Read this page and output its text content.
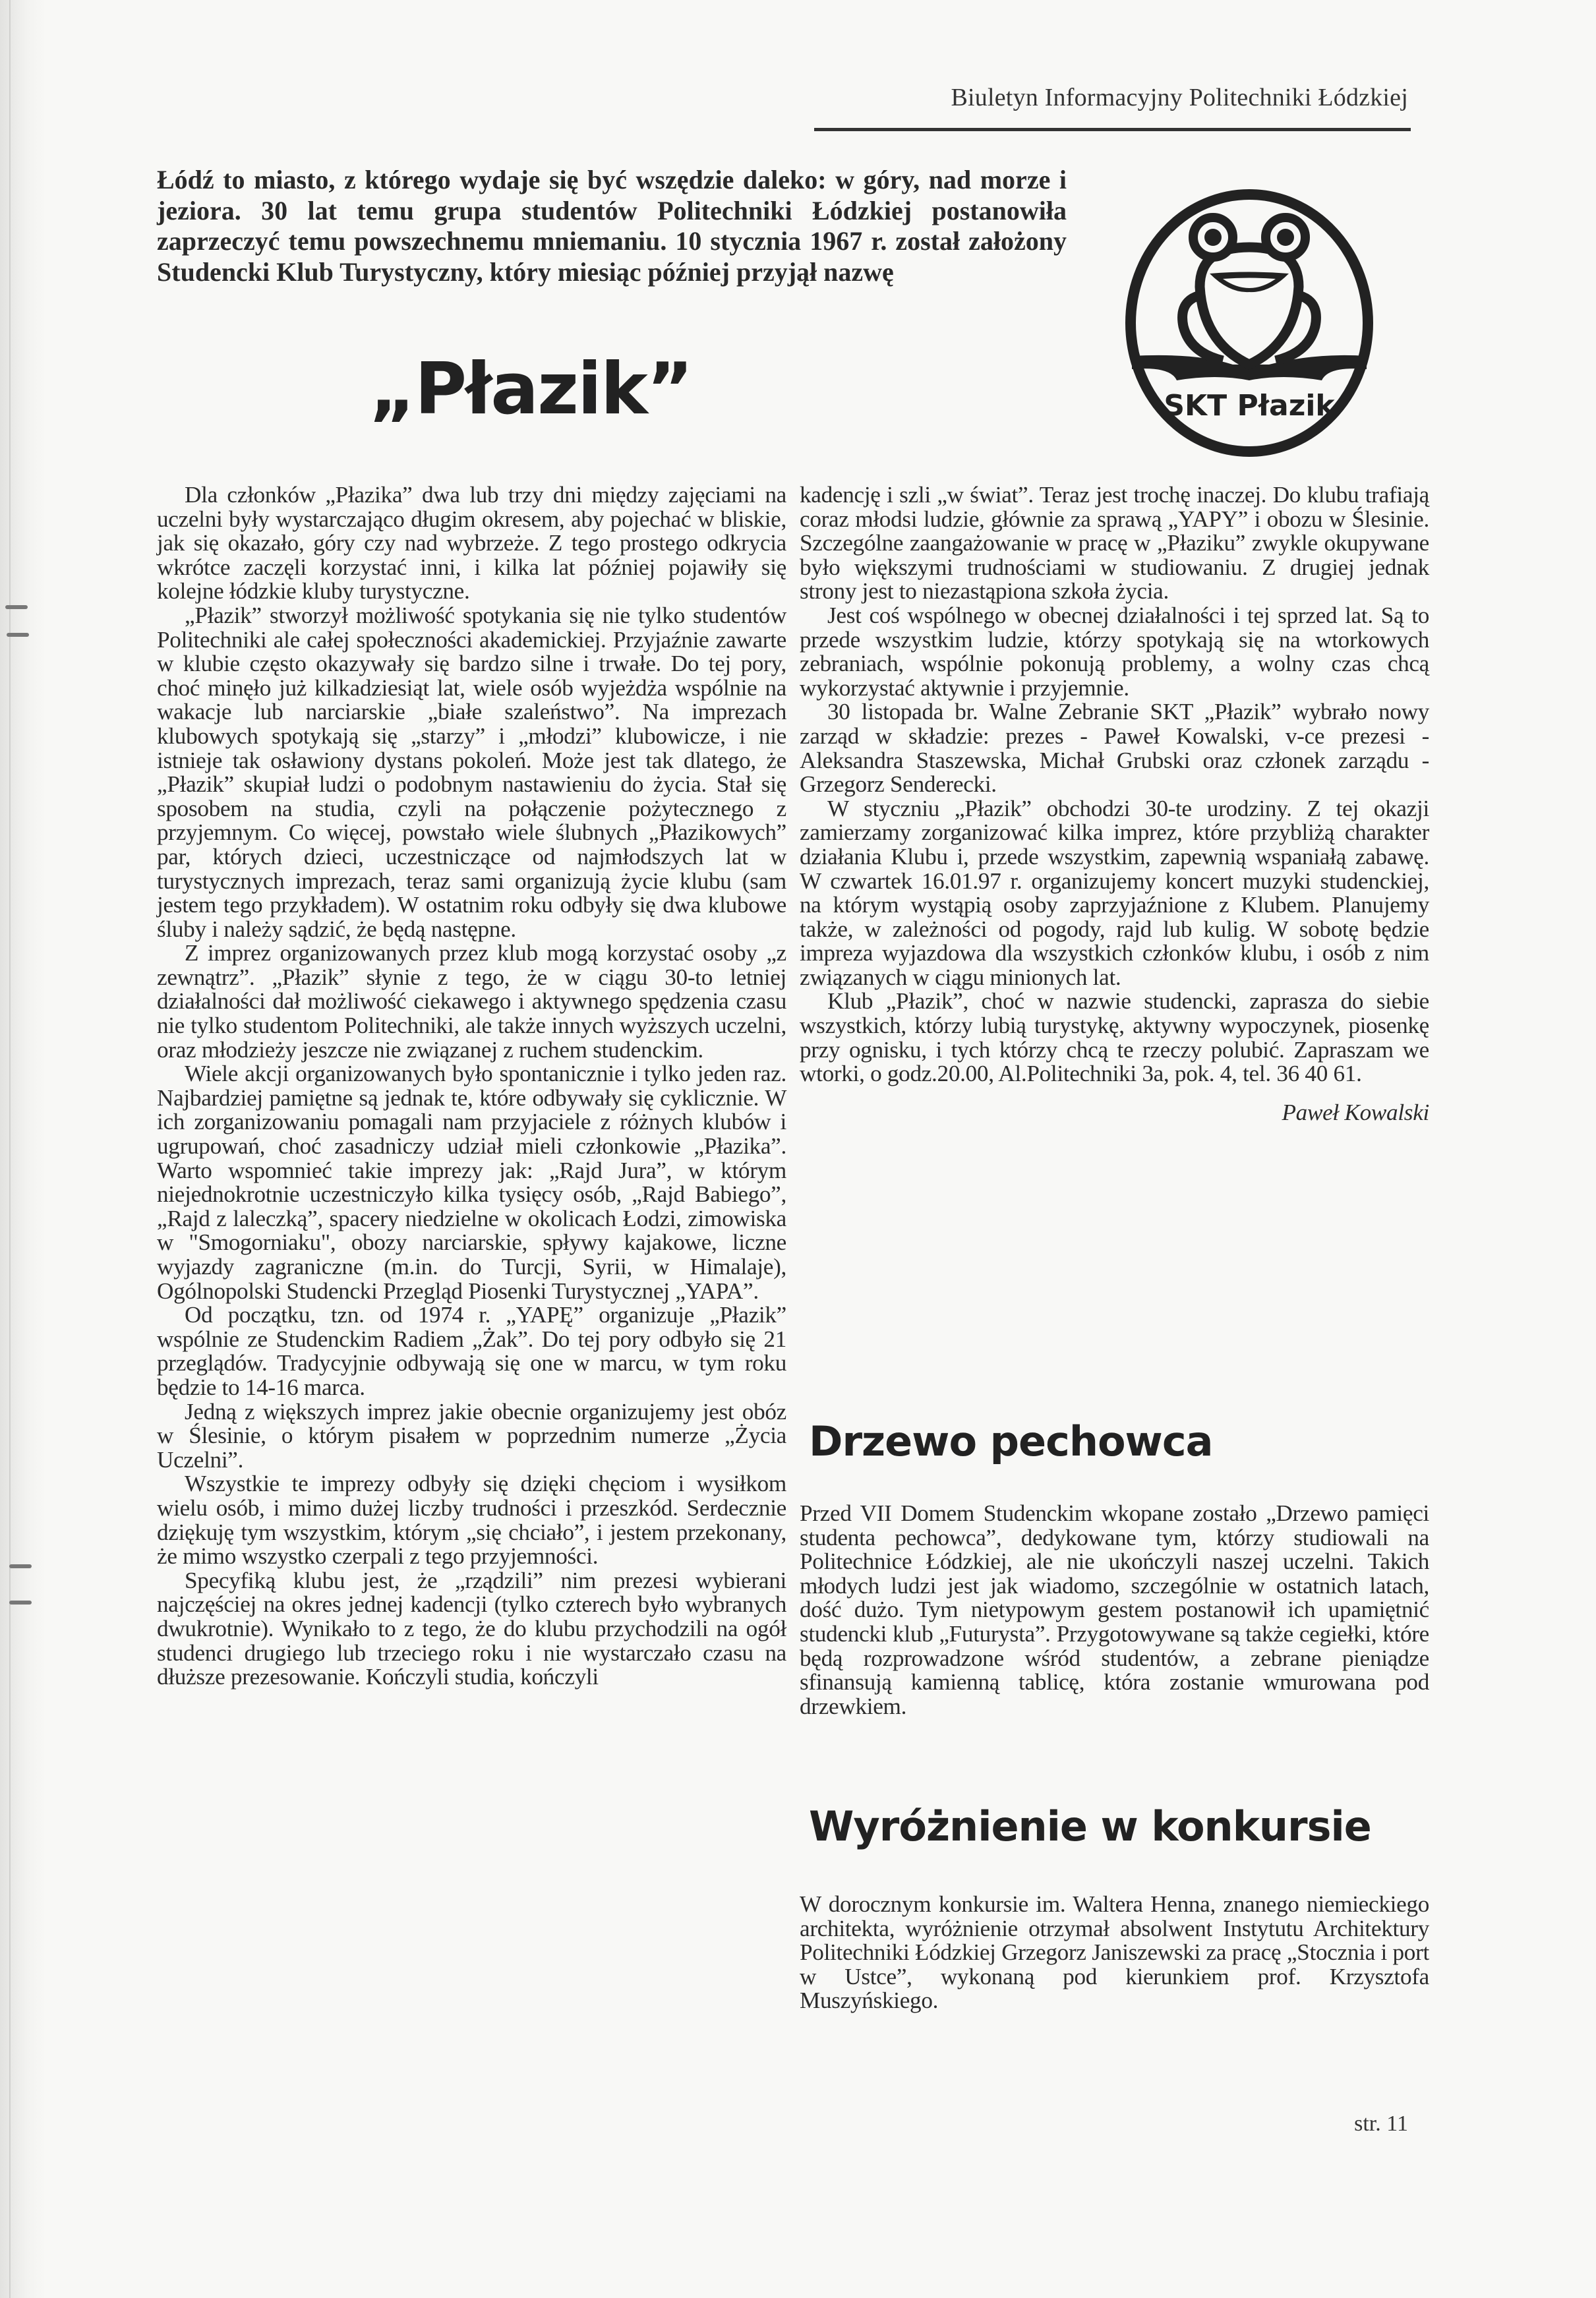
Biuletyn Informacyjny Politechniki Łódzkiej
Łódź to miasto, z którego wydaje się być wszędzie daleko: w góry, nad morze i jeziora. 30 lat temu grupa studentów Politechniki Łódzkiej postanowiła zaprzeczyć temu powszechnemu mniemaniu. 10 stycznia 1967 r. został założony Studencki Klub Turystyczny, który miesiąc później przyjął nazwę
„Płazik”	SKT Płazik

Dla członków „Płazika” dwa lub trzy dni między zajęciami na uczelni były wystarczająco długim okresem, aby pojechać w bliskie, jak się okazało, góry czy nad wybrzeże. Z tego prostego odkrycia wkrótce zaczęli korzystać inni, i kilka lat później pojawiły się kolejne łódzkie kluby turystyczne.

„Płazik” stworzył możliwość spotykania się nie tylko studentów Politechniki ale całej społeczności akademickiej. Przyjaźnie zawarte w klubie często okazywały się bardzo silne i trwałe. Do tej pory, choć minęło już kilkadziesiąt lat, wiele osób wyjeżdża wspólnie na wakacje lub narciarskie „białe szaleństwo”. Na imprezach klubowych spotykają się „starzy” i „młodzi” klubowicze, i nie istnieje tak osławiony dystans pokoleń. Może jest tak dlatego, że „Płazik” skupiał ludzi o podobnym nastawieniu do życia. Stał się sposobem na studia, czyli na połączenie pożytecznego z przyjemnym. Co więcej, powstało wiele ślubnych „Płazikowych” par, których dzieci, uczestniczące od najmłodszych lat w turystycznych imprezach, teraz sami organizują życie klubu (sam jestem tego przykładem). W ostatnim roku odbyły się dwa klubowe śluby i należy sądzić, że będą następne.

Z imprez organizowanych przez klub mogą korzystać osoby „z zewnątrz”. „Płazik” słynie z tego, że w ciągu 30-to letniej działalności dał możliwość ciekawego i aktywnego spędzenia czasu nie tylko studentom Politechniki, ale także innych wyższych uczelni, oraz młodzieży jeszcze nie związanej z ruchem studenckim.

Wiele akcji organizowanych było spontanicznie i tylko jeden raz. Najbardziej pamiętne są jednak te, które odbywały się cyklicznie. W ich zorganizowaniu pomagali nam przyjaciele z różnych klubów i ugrupowań, choć zasadniczy udział mieli członkowie „Płazika”. Warto wspomnieć takie imprezy jak: „Rajd Jura”, w którym niejednokrotnie uczestniczyło kilka tysięcy osób, „Rajd Babiego”, „Rajd z laleczką”, spacery niedzielne w okolicach Łodzi, zimowiska w "Smogorniaku", obozy narciarskie, spływy kajakowe, liczne wyjazdy zagraniczne (m.in. do Turcji, Syrii, w Himalaje), Ogólnopolski Studencki Przegląd Piosenki Turystycznej „YAPA”.

Od początku, tzn. od 1974 r. „YAPĘ” organizuje „Płazik” wspólnie ze Studenckim Radiem „Żak”. Do tej pory odbyło się 21 przeglądów. Tradycyjnie odbywają się one w marcu, w tym roku będzie to 14-16 marca.

Jedną z większych imprez jakie obecnie organizujemy jest obóz w Ślesinie, o którym pisałem w poprzednim numerze „Życia Uczelni”.

Wszystkie te imprezy odbyły się dzięki chęciom i wysiłkom wielu osób, i mimo dużej liczby trudności i przeszkód. Serdecznie dziękuję tym wszystkim, którym „się chciało”, i jestem przekonany, że mimo wszystko czerpali z tego przyjemności.

Specyfiką klubu jest, że „rządzili” nim prezesi wybierani najczęściej na okres jednej kadencji (tylko czterech było wybranych dwukrotnie). Wynikało to z tego, że do klubu przychodzili na ogół studenci drugiego lub trzeciego roku i nie wystarczało czasu na dłuższe prezesowanie. Kończyli studia, kończyli

kadencję i szli „w świat”. Teraz jest trochę inaczej. Do klubu trafiają coraz młodsi ludzie, głównie za sprawą „YAPY” i obozu w Ślesinie. Szczególne zaangażowanie w pracę w „Płaziku” zwykle okupywane było większymi trudnościami w studiowaniu. Z drugiej jednak strony jest to niezastąpiona szkoła życia.

Jest coś wspólnego w obecnej działalności i tej sprzed lat. Są to przede wszystkim ludzie, którzy spotykają się na wtorkowych zebraniach, wspólnie pokonują problemy, a wolny czas chcą wykorzystać aktywnie i przyjemnie.

30 listopada br. Walne Zebranie SKT „Płazik” wybrało nowy zarząd w składzie: prezes - Paweł Kowalski, v-ce prezesi - Aleksandra Staszewska, Michał Grubski oraz członek zarządu - Grzegorz Senderecki.

W styczniu „Płazik” obchodzi 30-te urodziny. Z tej okazji zamierzamy zorganizować kilka imprez, które przybliżą charakter działania Klubu i, przede wszystkim, zapewnią wspaniałą zabawę. W czwartek 16.01.97 r. organizujemy koncert muzyki studenckiej, na którym wystąpią osoby zaprzyjaźnione z Klubem. Planujemy także, w zależności od pogody, rajd lub kulig. W sobotę będzie impreza wyjazdowa dla wszystkich członków klubu, i osób z nim związanych w ciągu minionych lat.

Klub „Płazik”, choć w nazwie studencki, zaprasza do siebie wszystkich, którzy lubią turystykę, aktywny wypoczynek, piosenkę przy ognisku, i tych którzy chcą te rzeczy polubić. Zapraszam we wtorki, o godz.20.00, Al.Politechniki 3a, pok. 4, tel. 36 40 61.

Paweł Kowalski

Drzewo pechowca

Przed VII Domem Studenckim wkopane zostało „Drzewo pamięci studenta pechowca”, dedykowane tym, którzy studiowali na Politechnice Łódzkiej, ale nie ukończyli naszej uczelni. Takich młodych ludzi jest jak wiadomo, szczególnie w ostatnich latach, dość dużo. Tym nietypowym gestem postanowił ich upamiętnić studencki klub „Futurysta”. Przygotowywane są także cegiełki, które będą rozprowadzone wśród studentów, a zebrane pieniądze sfinansują kamienną tablicę, która zostanie wmurowana pod drzewkiem.

Wyróżnienie w konkursie

W dorocznym konkursie im. Waltera Henna, znanego niemieckiego architekta, wyróżnienie otrzymał absolwent Instytutu Architektury Politechniki Łódzkiej Grzegorz Janiszewski za pracę „Stocznia i port w Ustce”, wykonaną pod kierunkiem prof. Krzysztofa Muszyńskiego.

str. 11
